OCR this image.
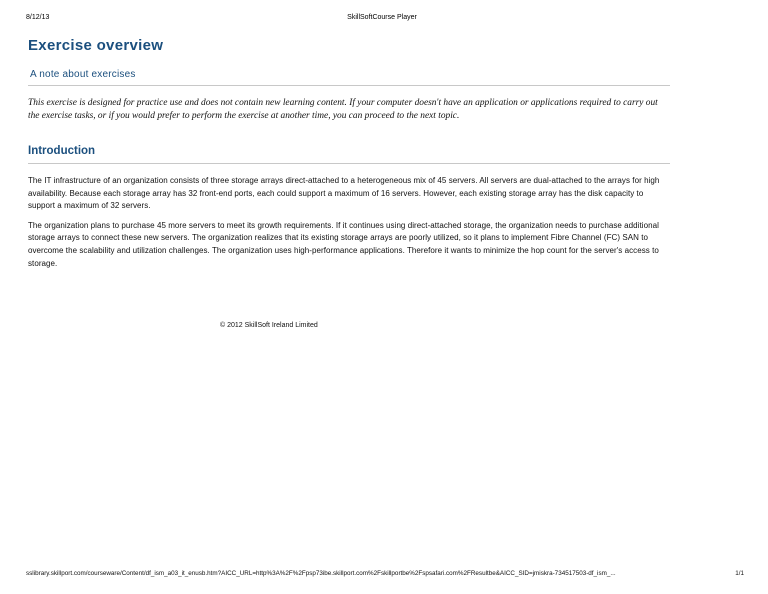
8/12/13	SkillSoftCourse Player
Exercise overview
A note about exercises

This exercise is designed for practice use and does not contain new learning content. If your computer doesn't have an application or applications required to carry out the exercise tasks, or if you would prefer to perform the exercise at another time, you can proceed to the next topic.

Introduction

The IT infrastructure of an organization consists of three storage arrays direct-attached to a heterogeneous mix of 45 servers. All servers are dual-attached to the arrays for high availability. Because each storage array has 32 front-end ports, each could support a maximum of 16 servers. However, each existing storage array has the disk capacity to support a maximum of 32 servers.

The organization plans to purchase 45 more servers to meet its growth requirements. If it continues using direct-attached storage, the organization needs to purchase additional storage arrays to connect these new servers. The organization realizes that its existing storage arrays are poorly utilized, so it plans to implement Fibre Channel (FC) SAN to overcome the scalability and utilization challenges. The organization uses high-performance applications. Therefore it wants to minimize the hop count for the server's access to storage.

© 2012 SkillSoft Ireland Limited
sslibrary.skillport.com/courseware/Content/df_ism_a03_it_enusb.htm?AICC_URL=http%3A%2F%2Fpsp73ibe.skillport.com%2Fskillportbe%2Fspsafari.com%2FResultbe&AICC_SID=jmiskra-734517503-df_ism_...	1/1
